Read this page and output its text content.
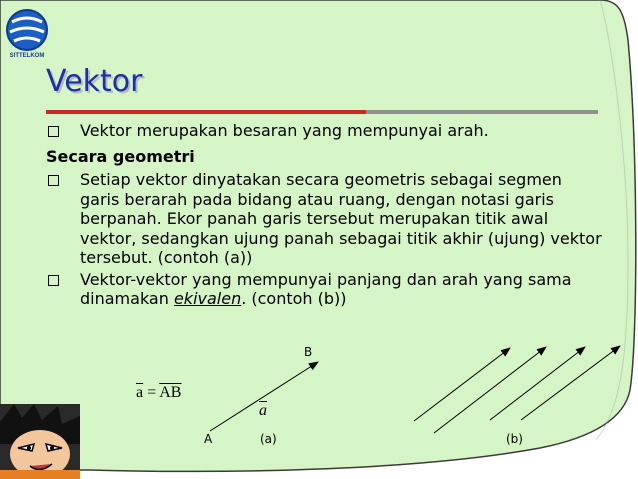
SITTELKOM
Vektor
Vektor merupakan besaran yang mempunyai arah.
Secara geometri
Setiap vektor dinyatakan secara geometris sebagai segmen garis berarah pada bidang atau ruang, dengan notasi garis berpanah. Ekor panah garis tersebut merupakan titik awal vektor, sedangkan ujung panah sebagai titik akhir (ujung) vektor tersebut. (contoh (a))
Vektor-vektor yang mempunyai panjang dan arah yang sama dinamakan ekivalen. (contoh (b))
B
A	(a)	(b)
$\overline{a} = \overline{AB}$
$\overline{a}$
